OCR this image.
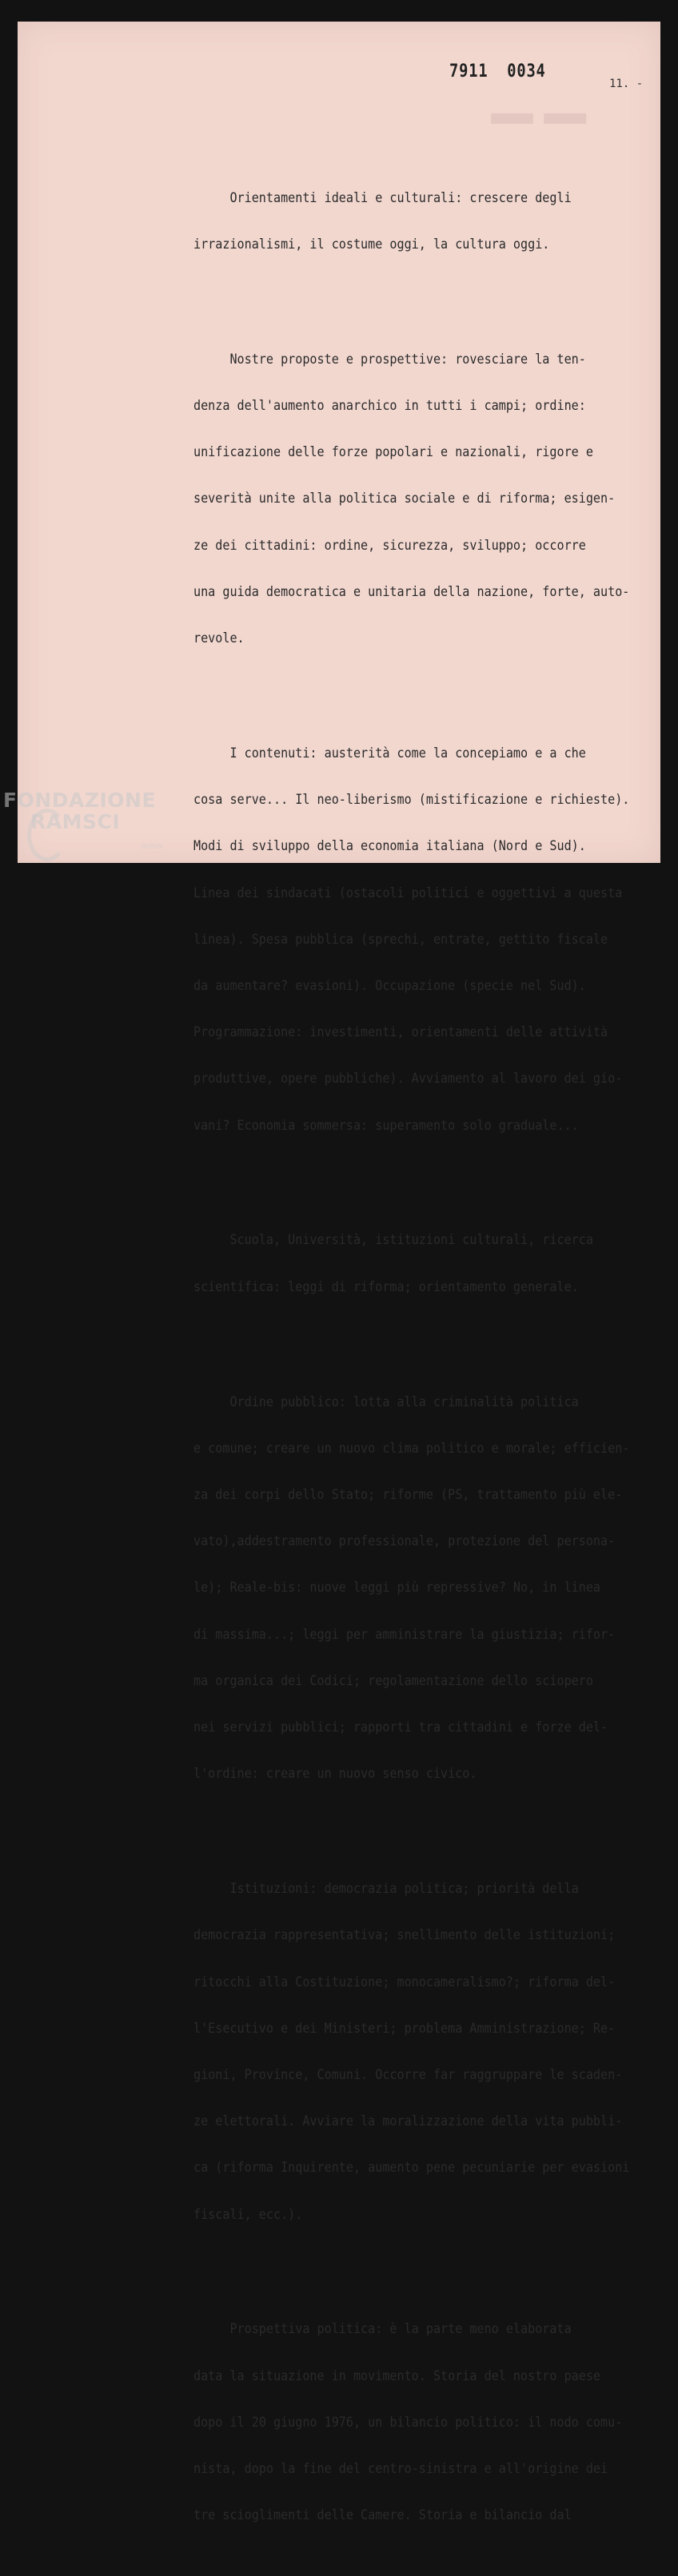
7911 0034
■■■■ ■■■■
11. -

Orientamenti ideali e culturali: crescere degli

irrazionalismi, il costume oggi, la cultura oggi.

Nostre proposte e prospettive: rovesciare la ten-

denza dell'aumento anarchico in tutti i campi; ordine:

unificazione delle forze popolari e nazionali, rigore e

severità unite alla politica sociale e di riforma; esigen-

ze dei cittadini: ordine, sicurezza, sviluppo; occorre

una guida democratica e unitaria della nazione, forte, auto-

revole.

I contenuti: austerità come la concepiamo e a che

cosa serve... Il neo-liberismo (mistificazione e richieste).

Modi di sviluppo della economia italiana (Nord e Sud).

Linea dei sindacati (ostacoli politici e oggettivi a questa

linea). Spesa pubblica (sprechi, entrate, gettito fiscale

da aumentare? evasioni). Occupazione (specie nel Sud).

Programmazione: investimenti, orientamenti delle attività

produttive, opere pubbliche). Avviamento al lavoro dei gio-

vani? Economia sommersa: superamento solo graduale...

Scuola, Università, istituzioni culturali, ricerca

scientifica: leggi di riforma; orientamento generale.

Ordine pubblico: lotta alla criminalità politica

e comune; creare un nuovo clima politico e morale; efficien-

za dei corpi dello Stato; riforme (PS, trattamento più ele-

vato),addestramento professionale, protezione del persona-

le); Reale-bis: nuove leggi più repressive? No, in linea

di massima...; leggi per amministrare la giustizia; rifor-

ma organica dei Codici; regolamentazione dello sciopero

nei servizi pubblici; rapporti tra cittadini e forze del-

l'ordine: creare un nuovo senso civico.

Istituzioni: democrazia politica; priorità della

democrazia rappresentativa; snellimento delle istituzioni;

ritocchi alla Costituzione; monocameralismo?; riforma del-

l'Esecutivo e dei Ministeri; problema Amministrazione; Re-

gioni, Province, Comuni. Occorre far raggruppare le scaden-

ze elettorali. Avviare la moralizzazione della vita pubbli-

ca (riforma Inquirente, aumento pene pecuniarie per evasioni

fiscali, ecc.).

Prospettiva politica: è la parte meno elaborata

data la situazione in movimento. Storia del nostro paese

dopo il 20 giugno 1976, un bilancio politico: il nodo comu-

nista, dopo la fine del centro-sinistra e all'origine dei

tre scioglimenti delle Camere. Storia e bilancio dal

FONDAZIONE
RAMSCI
onlus
